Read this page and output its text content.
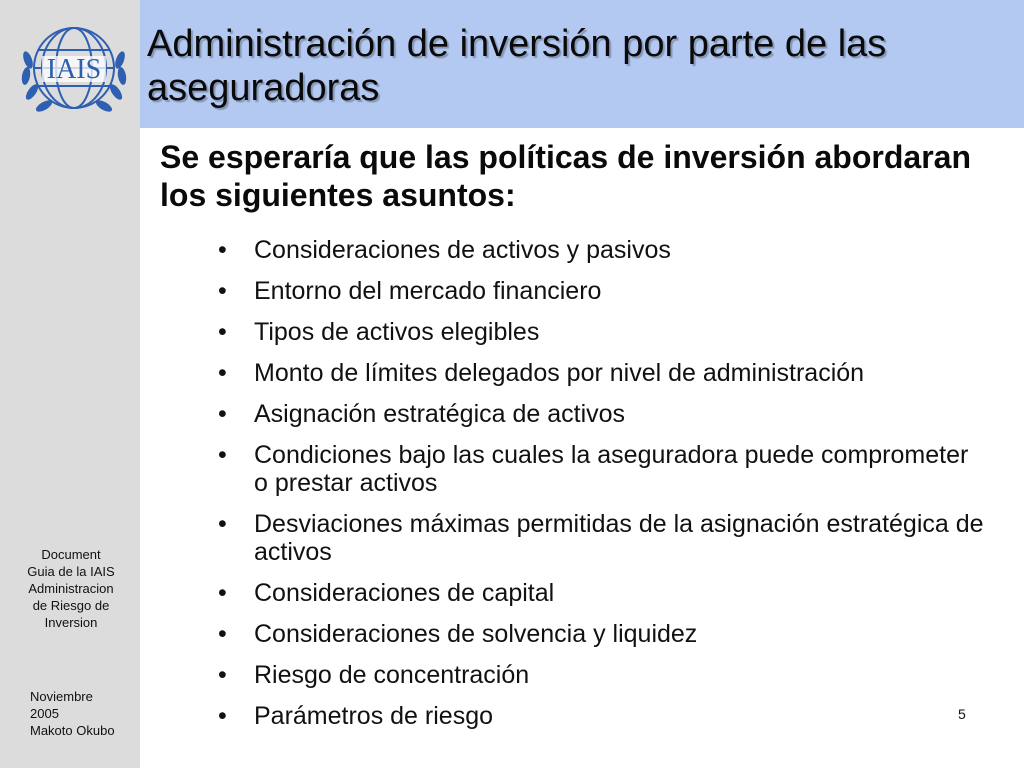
IAIS
Administración de inversión por parte de las aseguradoras
Se esperaría que las políticas de inversión abordaran los siguientes asuntos:
• Consideraciones de activos y pasivos
• Entorno del mercado financiero
• Tipos de activos elegibles
• Monto de límites delegados por nivel de administración
• Asignación estratégica de activos
• Condiciones bajo las cuales la aseguradora puede comprometer o prestar activos
• Desviaciones máximas permitidas de la asignación estratégica de activos
• Consideraciones de capital
• Consideraciones de solvencia y liquidez
• Riesgo de concentración
• Parámetros de riesgo
Document
Guia de la IAIS
Administracion
de Riesgo de
Inversion
Noviembre
2005
Makoto Okubo
5
